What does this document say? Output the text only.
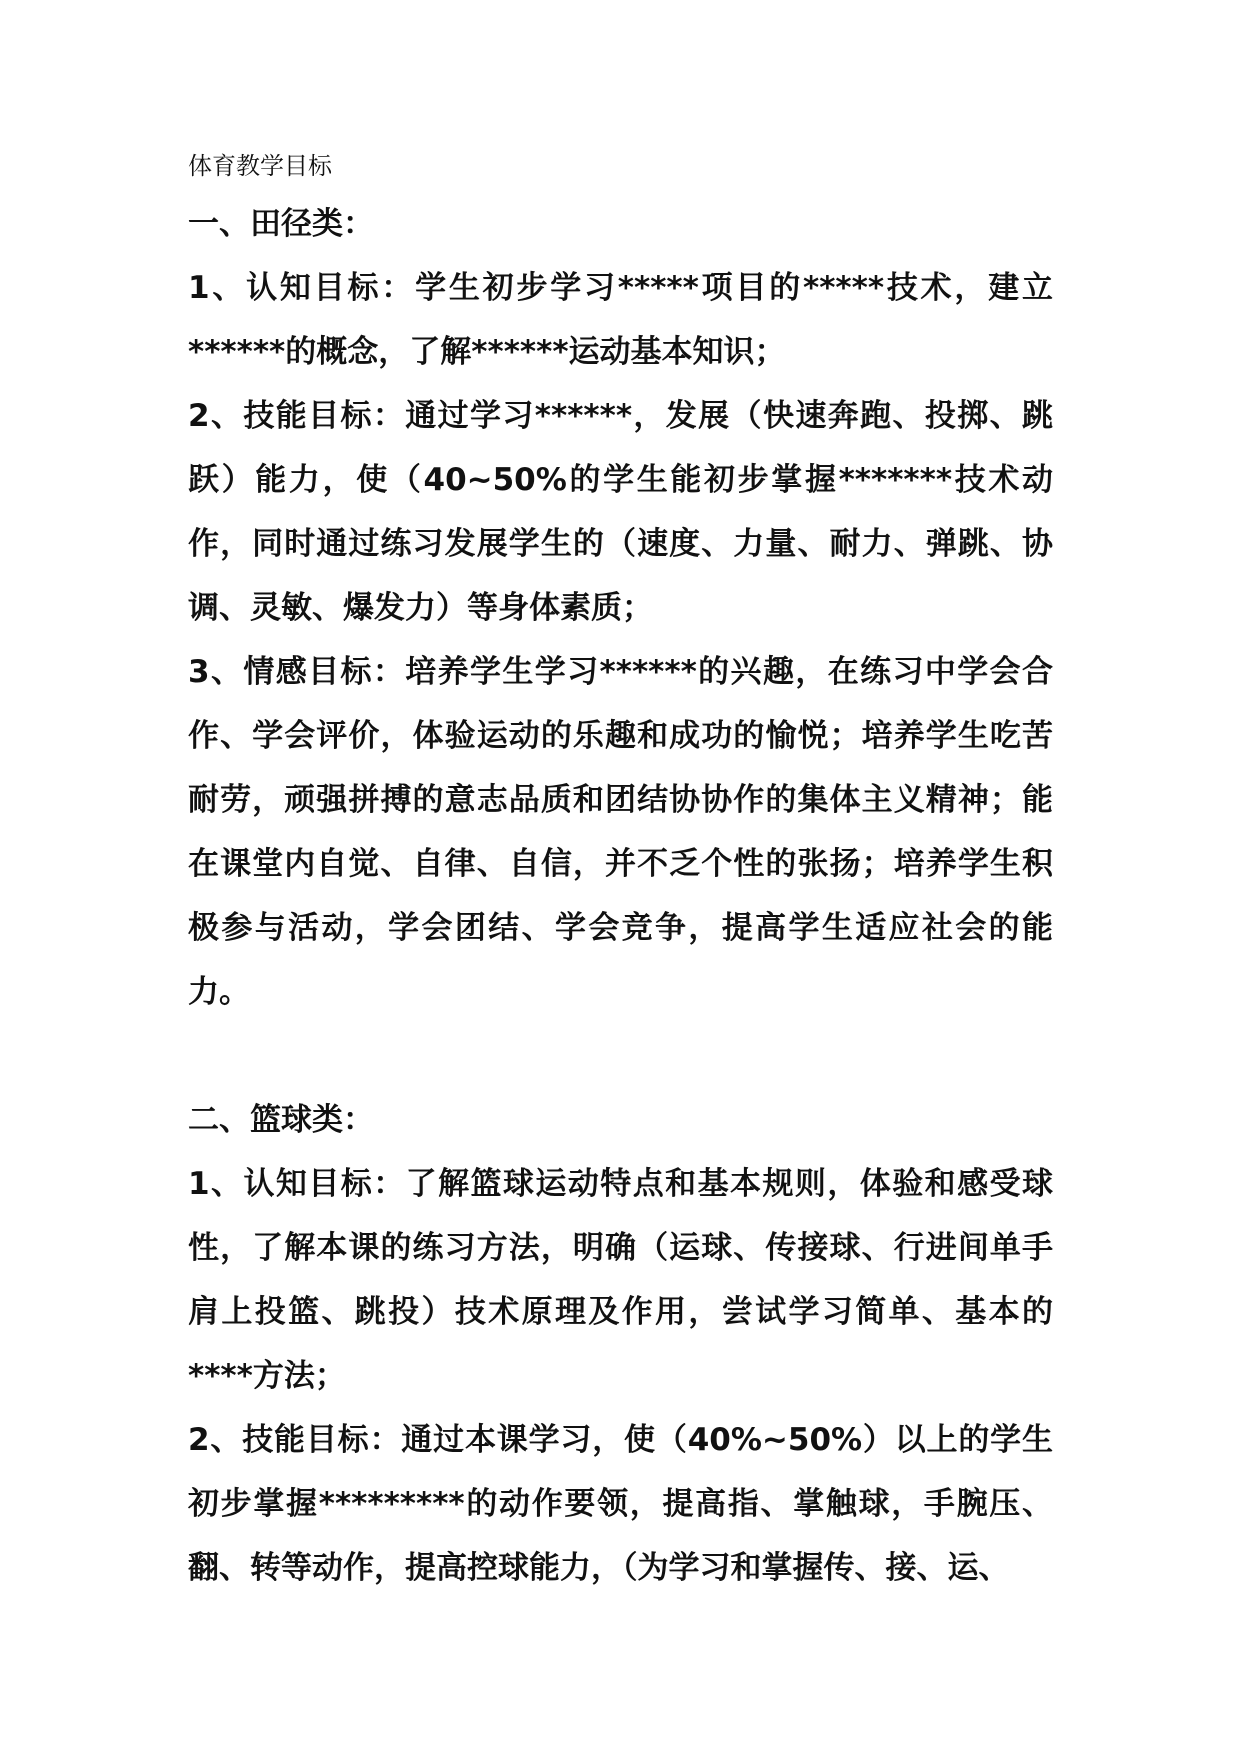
体育教学目标
一、田径类：
1、认知目标：学生初步学习*****项目的*****技术，建立******的概念，了解******运动基本知识；
2、技能目标：通过学习******，发展（快速奔跑、投掷、跳跃）能力，使（40~50%的学生能初步掌握*******技术动作，同时通过练习发展学生的（速度、力量、耐力、弹跳、协调、灵敏、爆发力）等身体素质；
3、情感目标：培养学生学习******的兴趣，在练习中学会合作、学会评价，体验运动的乐趣和成功的愉悦；培养学生吃苦耐劳，顽强拼搏的意志品质和团结协协作的集体主义精神；能在课堂内自觉、自律、自信，并不乏个性的张扬；培养学生积极参与活动，学会团结、学会竞争，提高学生适应社会的能力。
二、篮球类：
1、认知目标：了解篮球运动特点和基本规则，体验和感受球性，了解本课的练习方法，明确（运球、传接球、行进间单手肩上投篮、跳投）技术原理及作用，尝试学习简单、基本的****方法；
2、技能目标：通过本课学习，使（40%~50%）以上的学生初步掌握*********的动作要领，提高指、掌触球，手腕压、翻、转等动作，提高控球能力，（为学习和掌握传、接、运、
